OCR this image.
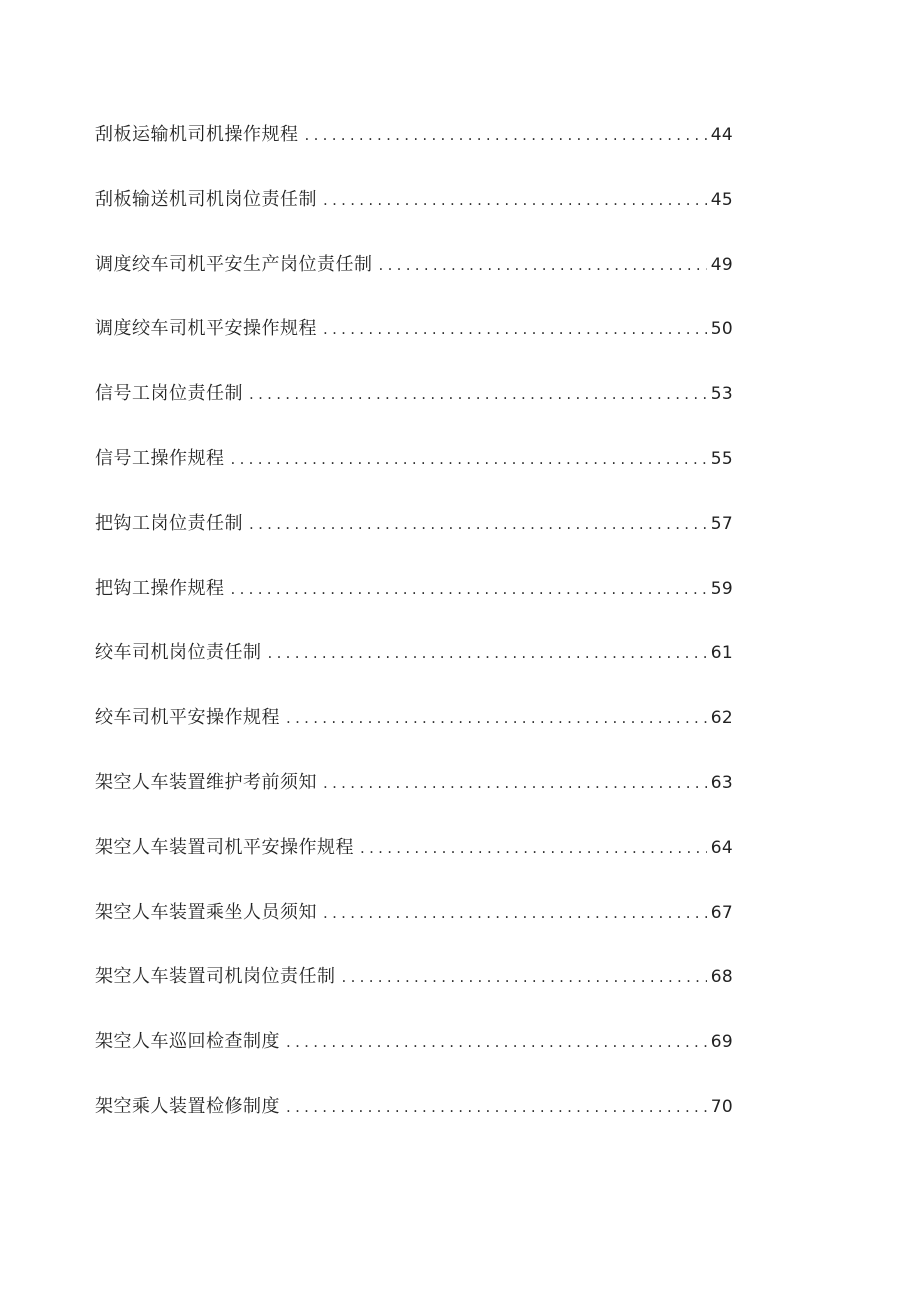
刮板运输机司机操作规程 .....	44
刮板输送机司机岗位责任制 .....	45
调度绞车司机平安生产岗位责任制 .....	49
调度绞车司机平安操作规程 .....	50
信号工岗位责任制 .....	53
信号工操作规程 .....	55
把钩工岗位责任制 .....	57
把钩工操作规程 .....	59
绞车司机岗位责任制 .....	61
绞车司机平安操作规程 .....	62
架空人车装置维护考前须知 .....	63
架空人车装置司机平安操作规程 .....	64
架空人车装置乘坐人员须知 .....	67
架空人车装置司机岗位责任制 .....	68
架空人车巡回检查制度 .....	69
架空乘人装置检修制度 .....	70
